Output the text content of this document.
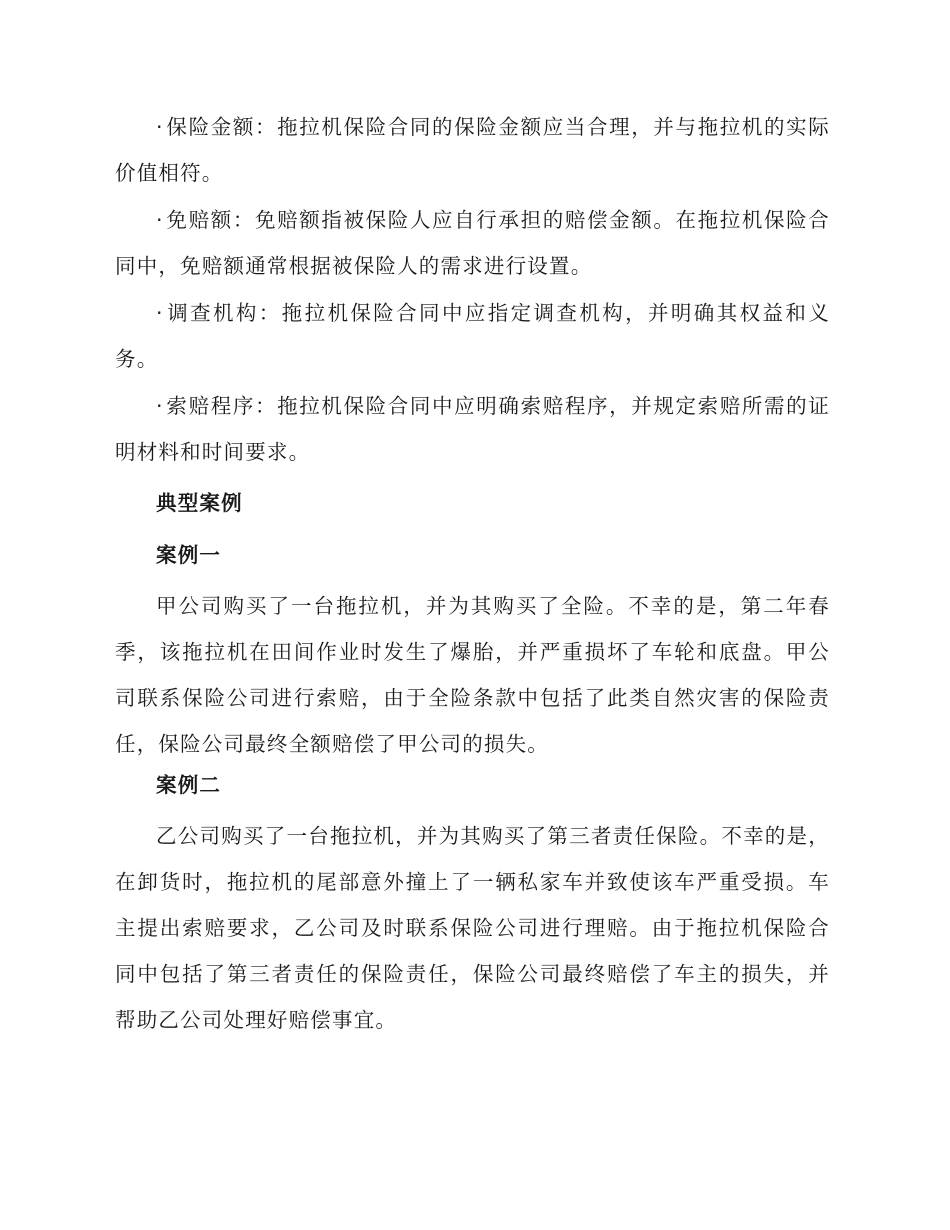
· 保险金额：拖拉机保险合同的保险金额应当合理，并与拖拉机的实际价值相符。

· 免赔额：免赔额指被保险人应自行承担的赔偿金额。在拖拉机保险合同中，免赔额通常根据被保险人的需求进行设置。

· 调查机构：拖拉机保险合同中应指定调查机构，并明确其权益和义务。

· 索赔程序：拖拉机保险合同中应明确索赔程序，并规定索赔所需的证明材料和时间要求。

典型案例
案例一

甲公司购买了一台拖拉机，并为其购买了全险。不幸的是，第二年春季，该拖拉机在田间作业时发生了爆胎，并严重损坏了车轮和底盘。甲公司联系保险公司进行索赔，由于全险条款中包括了此类自然灾害的保险责任，保险公司最终全额赔偿了甲公司的损失。

案例二

乙公司购买了一台拖拉机，并为其购买了第三者责任保险。不幸的是，在卸货时，拖拉机的尾部意外撞上了一辆私家车并致使该车严重受损。车主提出索赔要求，乙公司及时联系保险公司进行理赔。由于拖拉机保险合同中包括了第三者责任的保险责任，保险公司最终赔偿了车主的损失，并帮助乙公司处理好赔偿事宜。
